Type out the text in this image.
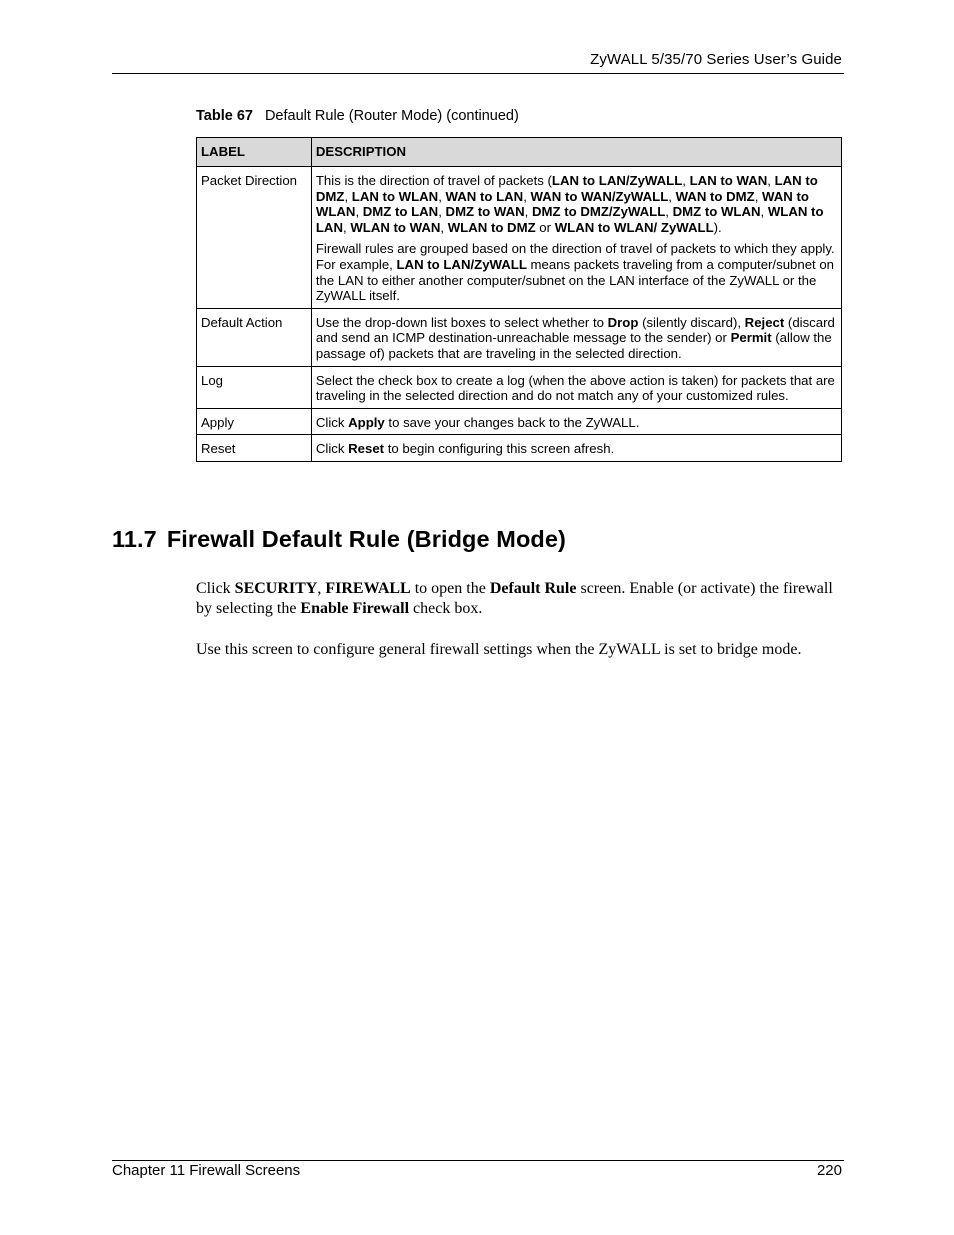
ZyWALL 5/35/70 Series User’s Guide
Table 67 Default Rule (Router Mode) (continued)
LABEL	DESCRIPTION
Packet Direction	This is the direction of travel of packets (LAN to LAN/ZyWALL, LAN to WAN, LAN to DMZ, LAN to WLAN, WAN to LAN, WAN to WAN/ZyWALL, WAN to DMZ, WAN to WLAN, DMZ to LAN, DMZ to WAN, DMZ to DMZ/ZyWALL, DMZ to WLAN, WLAN to LAN, WLAN to WAN, WLAN to DMZ or WLAN to WLAN/ ZyWALL).

Firewall rules are grouped based on the direction of travel of packets to which they apply. For example, LAN to LAN/ZyWALL means packets traveling from a computer/subnet on the LAN to either another computer/subnet on the LAN interface of the ZyWALL or the ZyWALL itself.

Default Action	Use the drop-down list boxes to select whether to Drop (silently discard), Reject (discard and send an ICMP destination-unreachable message to the sender) or Permit (allow the passage of) packets that are traveling in the selected direction.

Log	Select the check box to create a log (when the above action is taken) for packets that are traveling in the selected direction and do not match any of your customized rules.

Apply	Click Apply to save your changes back to the ZyWALL.

Reset	Click Reset to begin configuring this screen afresh.

11.7 Firewall Default Rule (Bridge Mode)

Click SECURITY, FIREWALL to open the Default Rule screen. Enable (or activate) the firewall by selecting the Enable Firewall check box.

Use this screen to configure general firewall settings when the ZyWALL is set to bridge mode.

Chapter 11 Firewall Screens	220
